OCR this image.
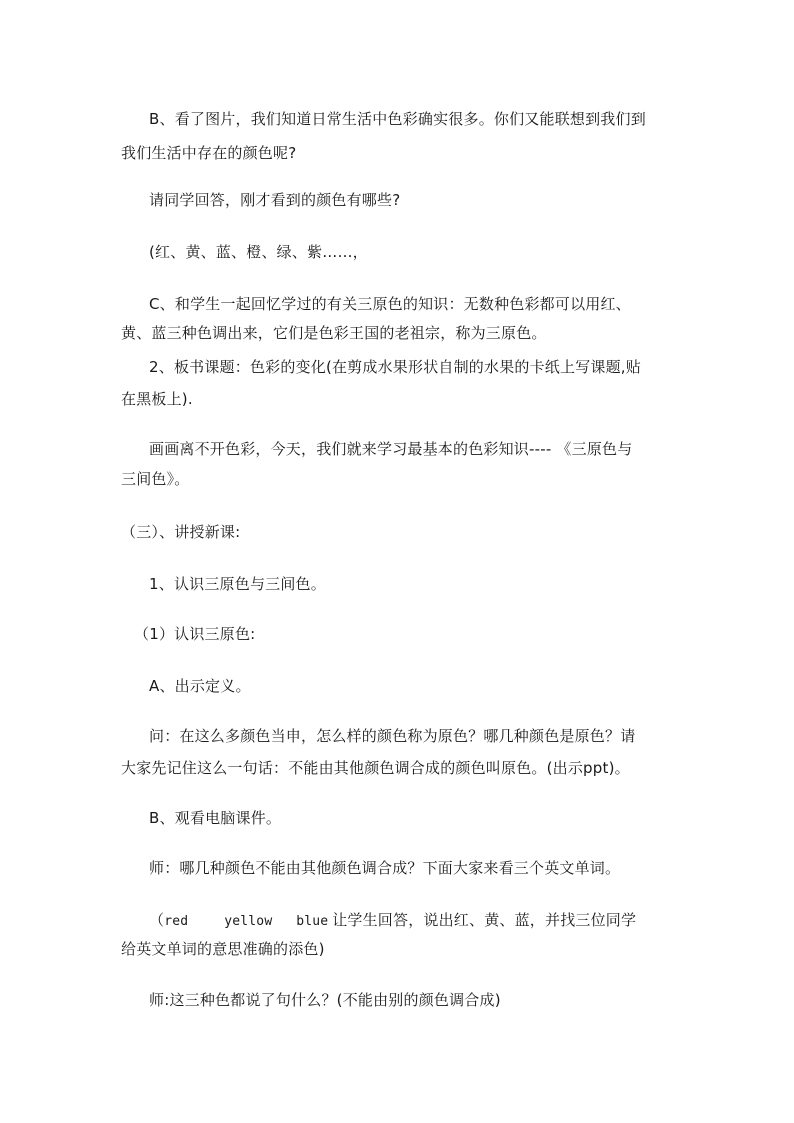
B、看了图片，我们知道日常生活中色彩确实很多。你们又能联想到我们到
我们生活中存在的颜色呢?
请同学回答，刚才看到的颜色有哪些?
(红、黄、蓝、橙、绿、紫……，
C、和学生一起回忆学过的有关三原色的知识：无数种色彩都可以用红、
黄、蓝三种色调出来，它们是色彩王国的老祖宗，称为三原色。
2、板书课题：色彩的变化(在剪成水果形状自制的水果的卡纸上写课题,贴
在黑板上).
画画离不开色彩，今天，我们就来学习最基本的色彩知识---- 《三原色与
三间色》。
（三）、讲授新课:
1、认识三原色与三间色。
（1）认识三原色:
A、出示定义。
问：在这么多颜色当申，怎么样的颜色称为原色？哪几种颜色是原色？请
大家先记住这么一句话：不能由其他颜色调合成的颜色叫原色。(出示ppt)。
B、观看电脑课件。
师：哪几种颜色不能由其他颜色调合成？下面大家来看三个英文单词。
（red	yellow blue 让学生回答，说出红、黄、蓝，并找三位同学
给英文单词的意思准确的添色)
师:这三种色都说了句什么？(不能由别的颜色调合成)
